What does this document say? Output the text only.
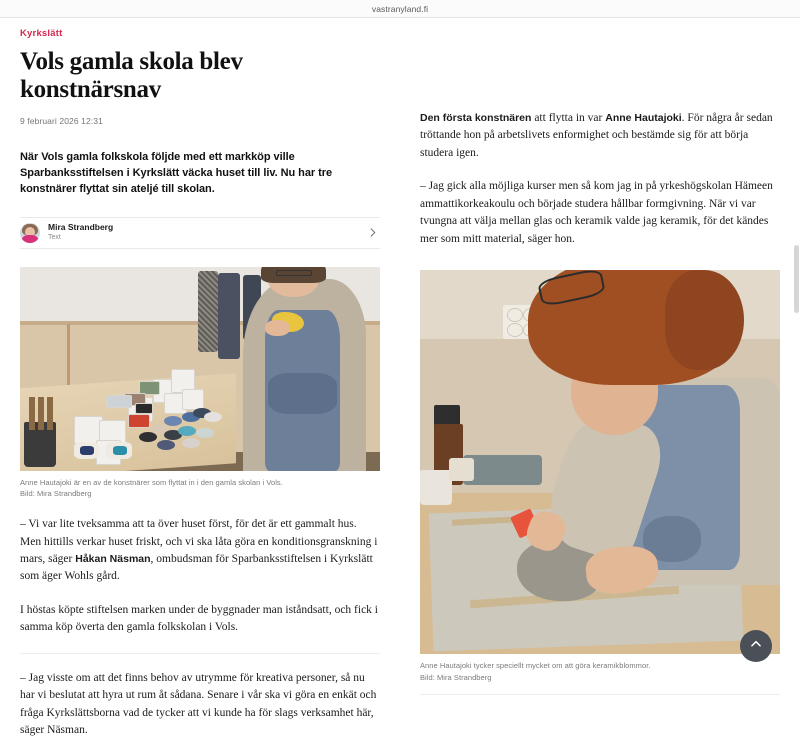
vastranyland.fi
Kyrkslätt
Vols gamla skola blev konstnärsnav
9 februari 2026 12:31

När Vols gamla folkskola följde med ett markköp ville Sparbanksstiftelsen i Kyrkslätt väcka huset till liv. Nu har tre konstnärer flyttat sin ateljé till skolan.

Mira Strandberg
Text
Anne Hautajoki är en av de konstnärer som flyttat in i den gamla skolan i Vols.
Bild: Mira Strandberg

– Vi var lite tveksamma att ta över huset först, för det är ett gammalt hus. Men hittills verkar huset friskt, och vi ska låta göra en konditionsgranskning i mars, säger Håkan Näsman, ombudsman för Sparbanksstiftelsen i Kyrkslätt som äger Wohls gård.

I höstas köpte stiftelsen marken under de byggnader man iståndsatt, och fick i samma köp överta den gamla folkskolan i Vols.

– Jag visste om att det finns behov av utrymme för kreativa personer, så nu har vi beslutat att hyra ut rum åt sådana. Senare i vår ska vi göra en enkät och fråga Kyrkslättsborna vad de tycker att vi kunde ha för slags verksamhet här, säger Näsman.

Den första konstnären att flytta in var Anne Hautajoki. För några år sedan tröttande hon på arbetslivets enformighet och bestämde sig för att börja studera igen.

– Jag gick alla möjliga kurser men så kom jag in på yrkeshögskolan Hämeen ammattikorkeakoulu och började studera hållbar formgivning. När vi var tvungna att välja mellan glas och keramik valde jag keramik, för det kändes mer som mitt material, säger hon.

Anne Hautajoki tycker speciellt mycket om att göra keramikblommor.
Bild: Mira Strandberg
